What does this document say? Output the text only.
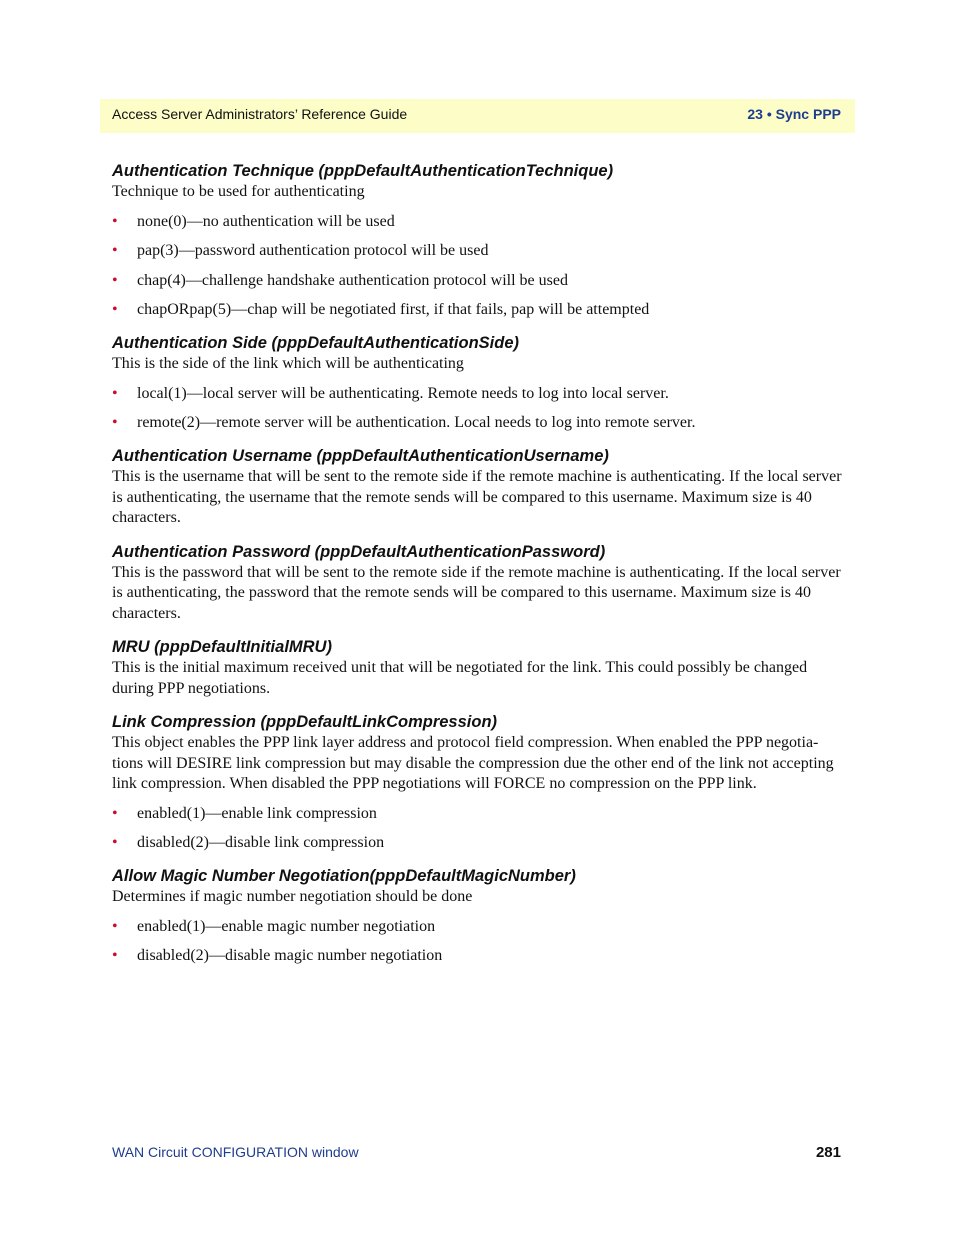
Access Server Administrators’ Reference Guide	23 • Sync PPP
Authentication Technique (pppDefaultAuthenticationTechnique)

Technique to be used for authenticating

• none(0)—no authentication will be used
• pap(3)—password authentication protocol will be used
• chap(4)—challenge handshake authentication protocol will be used
• chapORpap(5)—chap will be negotiated first, if that fails, pap will be attempted
Authentication Side (pppDefaultAuthenticationSide)

This is the side of the link which will be authenticating

• local(1)—local server will be authenticating. Remote needs to log into local server.
• remote(2)—remote server will be authentication. Local needs to log into remote server.
Authentication Username (pppDefaultAuthenticationUsername)

This is the username that will be sent to the remote side if the remote machine is authenticating. If the local server is authenticating, the username that the remote sends will be compared to this username. Maximum size is 40 characters.

Authentication Password (pppDefaultAuthenticationPassword)

This is the password that will be sent to the remote side if the remote machine is authenticating. If the local server is authenticating, the password that the remote sends will be compared to this username. Maximum size is 40 characters.

MRU (pppDefaultInitialMRU)

This is the initial maximum received unit that will be negotiated for the link. This could possibly be changed during PPP negotiations.

Link Compression (pppDefaultLinkCompression)

This object enables the PPP link layer address and protocol field compression. When enabled the PPP negotiations will DESIRE link compression but may disable the compression due the other end of the link not accepting link compression. When disabled the PPP negotiations will FORCE no compression on the PPP link.

• enabled(1)—enable link compression
• disabled(2)—disable link compression
Allow Magic Number Negotiation(pppDefaultMagicNumber)

Determines if magic number negotiation should be done

• enabled(1)—enable magic number negotiation
• disabled(2)—disable magic number negotiation
WAN Circuit CONFIGURATION window	281
